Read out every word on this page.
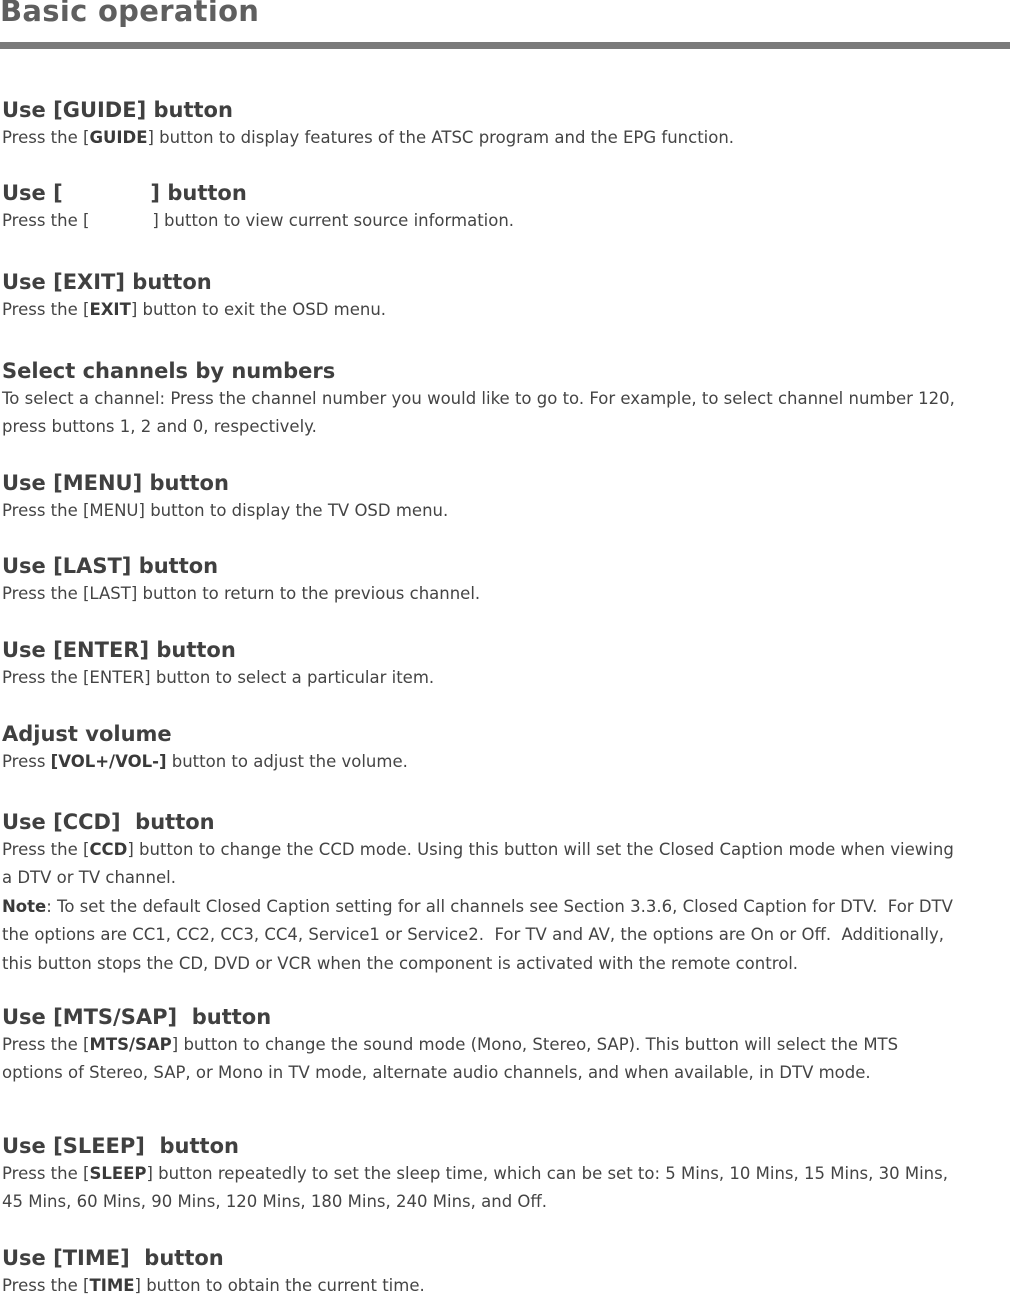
Basic operation

Use [GUIDE] button

Press the [GUIDE] button to display features of the ATSC program and the EPG function.

Use [            ] button

Press the [            ] button to view current source information.

Use [EXIT] button

Press the [EXIT] button to exit the OSD menu.

Select channels by numbers

To select a channel: Press the channel number you would like to go to. For example, to select channel number 120,

press buttons 1, 2 and 0, respectively.

Use [MENU] button

Press the [MENU] button to display the TV OSD menu.

Use [LAST] button

Press the [LAST] button to return to the previous channel.

Use [ENTER] button

Press the [ENTER] button to select a particular item.

Adjust volume

Press [VOL+/VOL-] button to adjust the volume.

Use [CCD]  button

Press the [CCD] button to change the CCD mode. Using this button will set the Closed Caption mode when viewing

a DTV or TV channel.

Note: To set the default Closed Caption setting for all channels see Section 3.3.6, Closed Caption for DTV.  For DTV

the options are CC1, CC2, CC3, CC4, Service1 or Service2.  For TV and AV, the options are On or Off.  Additionally,

this button stops the CD, DVD or VCR when the component is activated with the remote control.

Use [MTS/SAP]  button

Press the [MTS/SAP] button to change the sound mode (Mono, Stereo, SAP). This button will select the MTS

options of Stereo, SAP, or Mono in TV mode, alternate audio channels, and when available, in DTV mode.

Use [SLEEP]  button

Press the [SLEEP] button repeatedly to set the sleep time, which can be set to: 5 Mins, 10 Mins, 15 Mins, 30 Mins,

45 Mins, 60 Mins, 90 Mins, 120 Mins, 180 Mins, 240 Mins, and Off.

Use [TIME]  button

Press the [TIME] button to obtain the current time.
